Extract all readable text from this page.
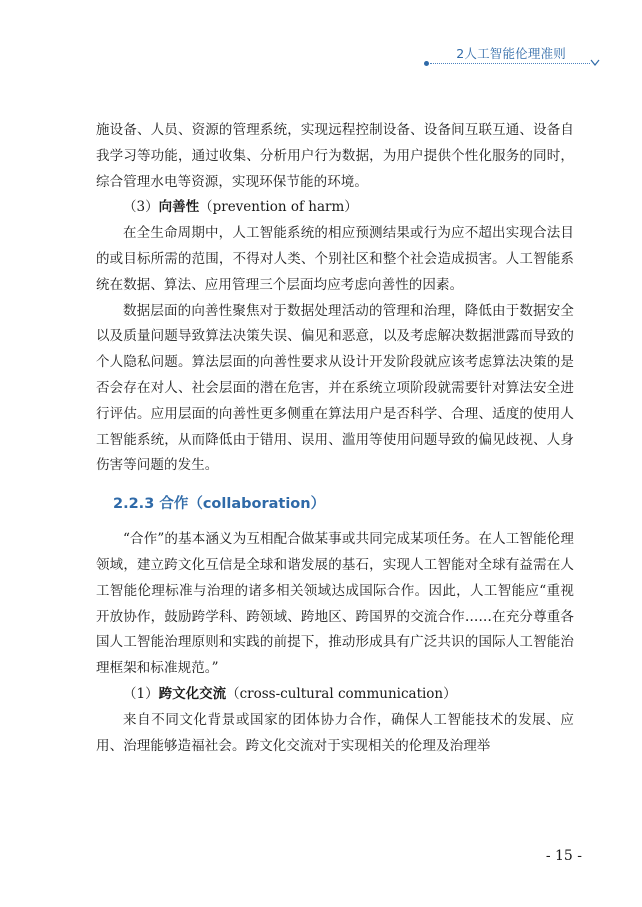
2人工智能伦理准则

施设备、人员、资源的管理系统，实现远程控制设备、设备间互联互通、设备自我学习等功能，通过收集、分析用户行为数据，为用户提供个性化服务的同时，综合管理水电等资源，实现环保节能的环境。

（3）向善性（prevention of harm）

在全生命周期中，人工智能系统的相应预测结果或行为应不超出实现合法目的或目标所需的范围，不得对人类、个别社区和整个社会造成损害。人工智能系统在数据、算法、应用管理三个层面均应考虑向善性的因素。

数据层面的向善性聚焦对于数据处理活动的管理和治理，降低由于数据安全以及质量问题导致算法决策失误、偏见和恶意，以及考虑解决数据泄露而导致的个人隐私问题。算法层面的向善性要求从设计开发阶段就应该考虑算法决策的是否会存在对人、社会层面的潜在危害，并在系统立项阶段就需要针对算法安全进行评估。应用层面的向善性更多侧重在算法用户是否科学、合理、适度的使用人工智能系统，从而降低由于错用、误用、滥用等使用问题导致的偏见歧视、人身伤害等问题的发生。

2.2.3 合作（collaboration）

“合作”的基本涵义为互相配合做某事或共同完成某项任务。在人工智能伦理领域，建立跨文化互信是全球和谐发展的基石，实现人工智能对全球有益需在人工智能伦理标准与治理的诸多相关领域达成国际合作。因此，人工智能应“重视开放协作，鼓励跨学科、跨领域、跨地区、跨国界的交流合作……在充分尊重各国人工智能治理原则和实践的前提下，推动形成具有广泛共识的国际人工智能治理框架和标准规范。”

（1）跨文化交流（cross-cultural communication）

来自不同文化背景或国家的团体协力合作，确保人工智能技术的发展、应用、治理能够造福社会。跨文化交流对于实现相关的伦理及治理举

- 15 -
